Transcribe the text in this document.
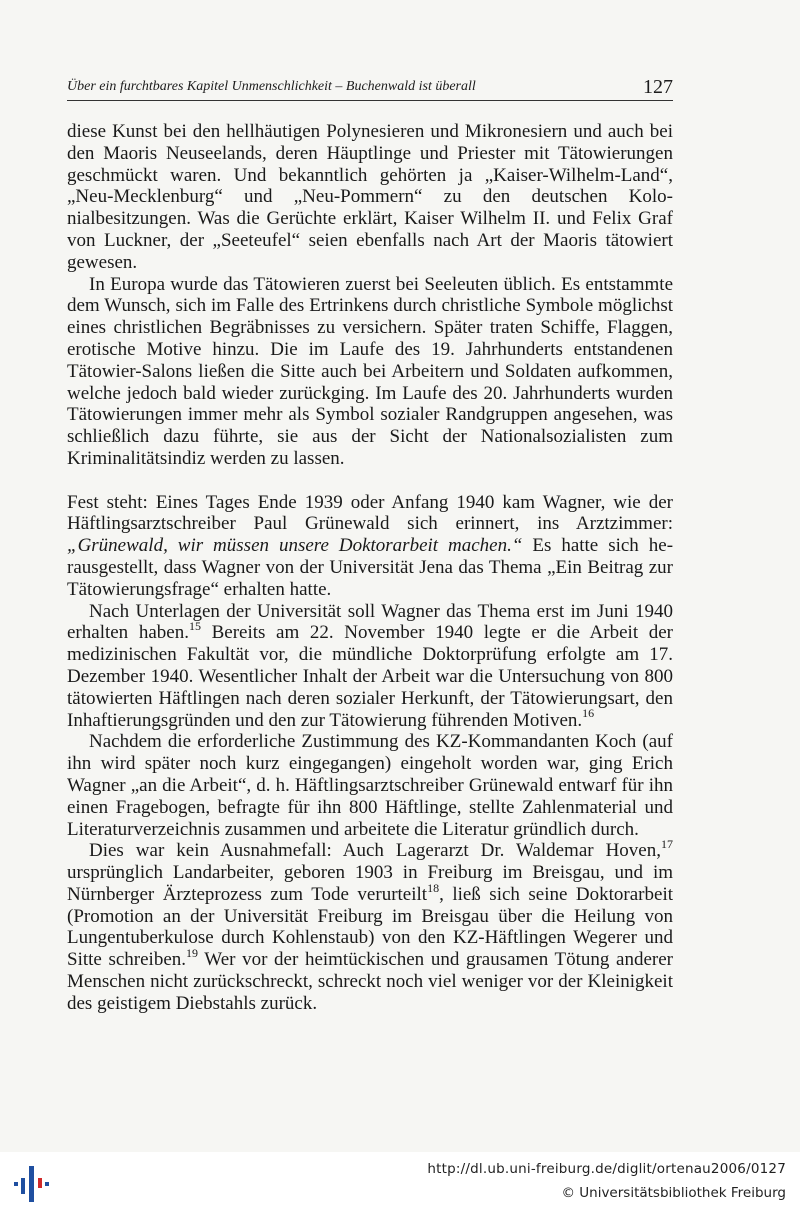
Über ein furchtbares Kapitel Unmenschlichkeit – Buchenwald ist überall	127

diese Kunst bei den hellhäutigen Polynesieren und Mikronesiern und auch bei den Maoris Neuseelands, deren Häuptlinge und Priester mit Tätowierungen geschmückt waren. Und bekanntlich gehörten ja „Kaiser-Wilhelm-Land“, „Neu-Mecklenburg“ und „Neu-Pommern“ zu den deutschen Kolonialbesitzungen. Was die Gerüchte erklärt, Kaiser Wilhelm II. und Felix Graf von Luckner, der „Seeteufel“ seien ebenfalls nach Art der Maoris tätowiert gewesen.

In Europa wurde das Tätowieren zuerst bei Seeleuten üblich. Es entstammte dem Wunsch, sich im Falle des Ertrinkens durch christliche Symbole möglichst eines christlichen Begräbnisses zu versichern. Später traten Schiffe, Flaggen, erotische Motive hinzu. Die im Laufe des 19. Jahrhunderts entstandenen Tätowier-Salons ließen die Sitte auch bei Arbeitern und Soldaten aufkommen, welche jedoch bald wieder zurückging. Im Laufe des 20. Jahrhunderts wurden Tätowierungen immer mehr als Symbol sozialer Randgruppen angesehen, was schließlich dazu führte, sie aus der Sicht der Nationalsozialisten zum Kriminalitätsindiz werden zu lassen.

Fest steht: Eines Tages Ende 1939 oder Anfang 1940 kam Wagner, wie der Häftlingsarztschreiber Paul Grünewald sich erinnert, ins Arztzimmer: „Grünewald, wir müssen unsere Doktorarbeit machen.“ Es hatte sich herausgestellt, dass Wagner von der Universität Jena das Thema „Ein Beitrag zur Tätowierungsfrage“ erhalten hatte.

Nach Unterlagen der Universität soll Wagner das Thema erst im Juni 1940 erhalten haben.$^{15}$ Bereits am 22. November 1940 legte er die Arbeit der medizinischen Fakultät vor, die mündliche Doktorprüfung erfolgte am 17. Dezember 1940. Wesentlicher Inhalt der Arbeit war die Untersuchung von 800 tätowierten Häftlingen nach deren sozialer Herkunft, der Tätowierungsart, den Inhaftierungsgründen und den zur Tätowierung führenden Motiven.$^{16}$

Nachdem die erforderliche Zustimmung des KZ-Kommandanten Koch (auf ihn wird später noch kurz eingegangen) eingeholt worden war, ging Erich Wagner „an die Arbeit“, d. h. Häftlingsarztschreiber Grünewald entwarf für ihn einen Fragebogen, befragte für ihn 800 Häftlinge, stellte Zahlenmaterial und Literaturverzeichnis zusammen und arbeitete die Literatur gründlich durch.

Dies war kein Ausnahmefall: Auch Lagerarzt Dr. Waldemar Hoven,$^{17}$ ursprünglich Landarbeiter, geboren 1903 in Freiburg im Breisgau, und im Nürnberger Ärzteprozess zum Tode verurteilt$^{18}$, ließ sich seine Doktorarbeit (Promotion an der Universität Freiburg im Breisgau über die Heilung von Lungentuberkulose durch Kohlenstaub) von den KZ-Häftlingen Wegerer und Sitte schreiben.$^{19}$ Wer vor der heimtückischen und grausamen Tötung anderer Menschen nicht zurückschreckt, schreckt noch viel weniger vor der Kleinigkeit des geistigem Diebstahls zurück.

http://dl.ub.uni-freiburg.de/diglit/ortenau2006/0127
© Universitätsbibliothek Freiburg
